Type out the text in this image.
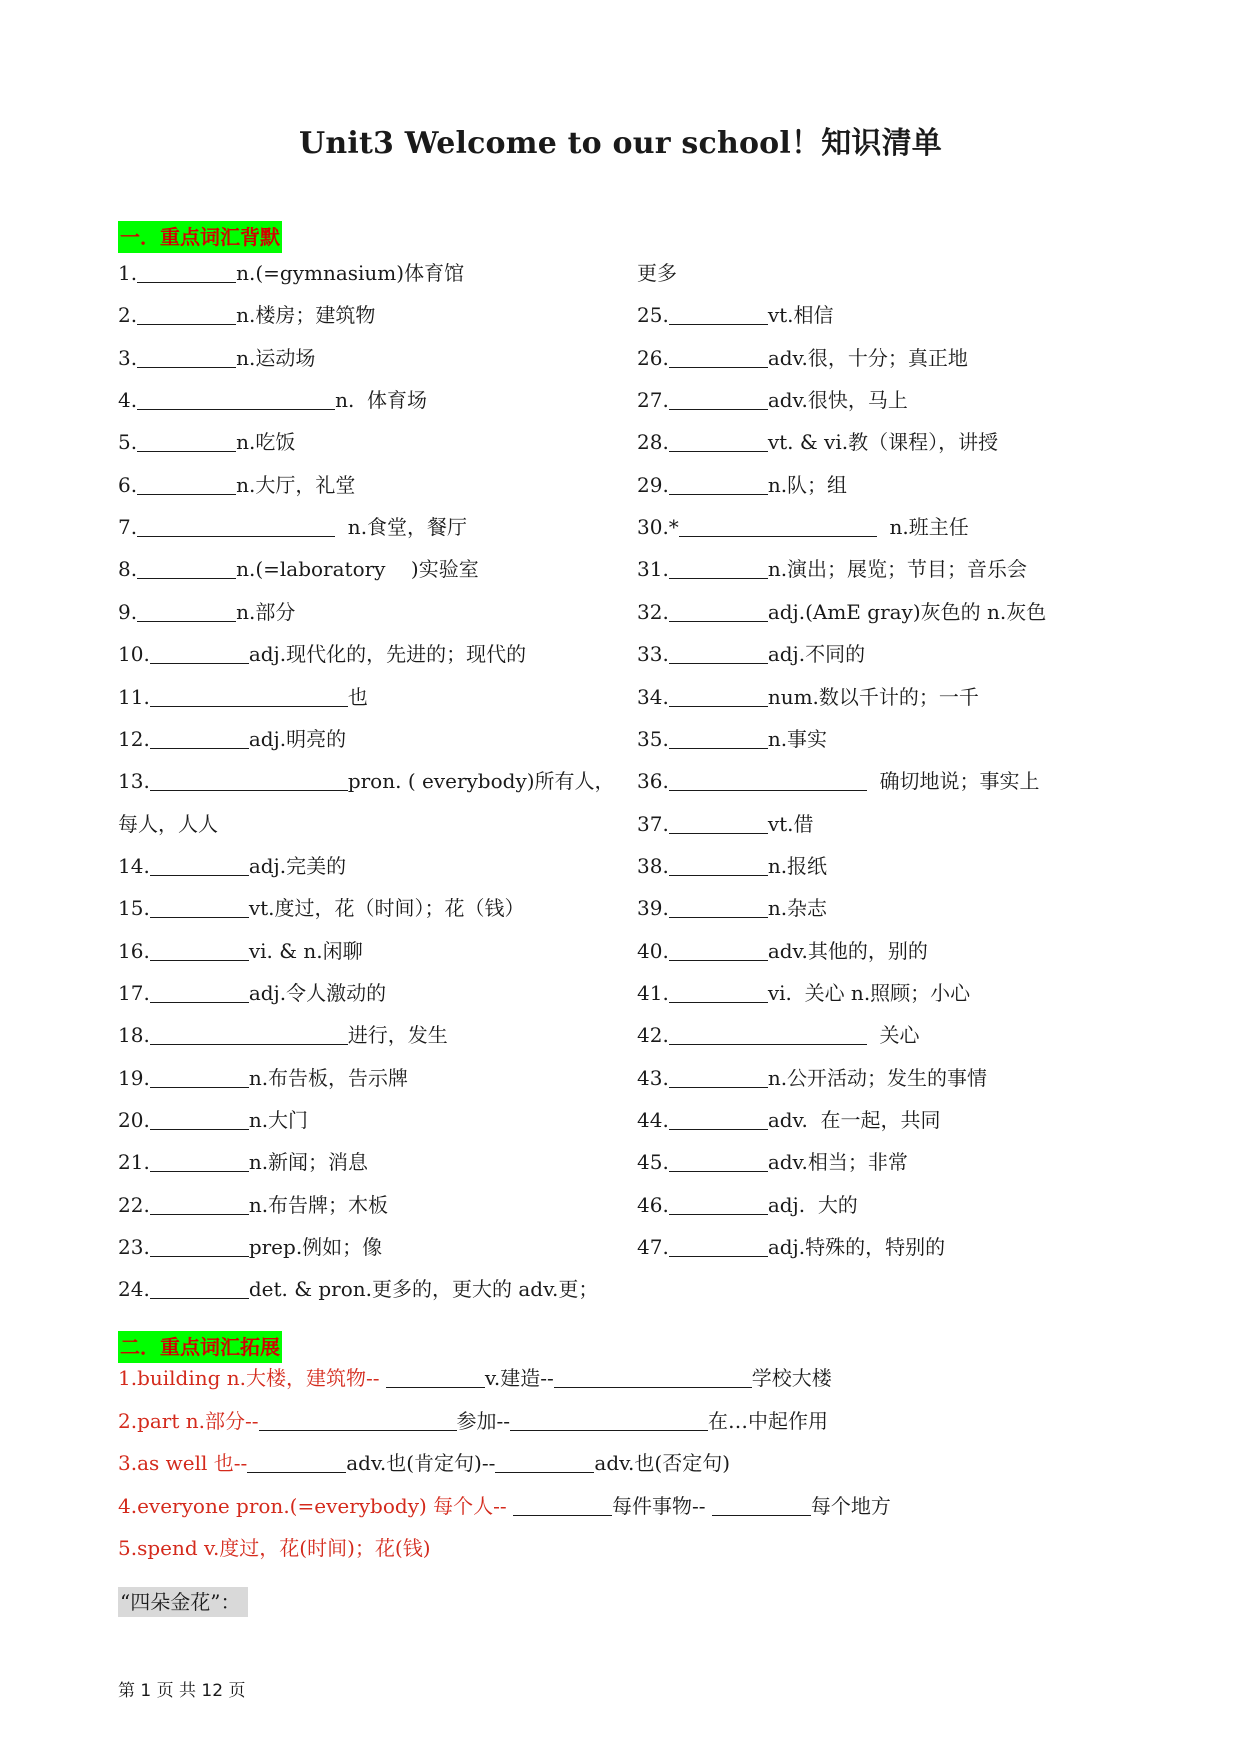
Unit3 Welcome to our school！知识清单
一．重点词汇背默
1.	n.(=gymnasium)体育馆
2.	n.楼房；建筑物
3.	n.运动场
4.	n.  体育场
5.	n.吃饭
6.	n.大厅，礼堂
7.	n.食堂，餐厅
8.	n.(=laboratory    )实验室
9.	n.部分
10.	adj.现代化的，先进的；现代的
11.	也
12.	adj.明亮的
13.	pron. ( everybody)所有人，
每人，人人
14.	adj.完美的
15.	vt.度过，花（时间）；花（钱）
16.	vi. & n.闲聊
17.	adj.令人激动的
18.	进行，发生
19.	n.布告板，告示牌
20.	n.大门
21.	n.新闻；消息
22.	n.布告牌；木板
23.	prep.例如；像
24.	det. & pron.更多的，更大的 adv.更；
更多
25.	vt.相信
26.	adv.很，十分；真正地
27.	adv.很快，马上
28.	vt. & vi.教（课程），讲授
29.	n.队；组
30.*	n.班主任
31.	n.演出；展览；节目；音乐会
32.	adj.(AmE gray)灰色的 n.灰色
33.	adj.不同的
34.	num.数以千计的；一千
35.	n.事实
36.	确切地说；事实上
37.	vt.借
38.	n.报纸
39.	n.杂志
40.	adv.其他的，别的
41.	vi.  关心 n.照顾；小心
42.	关心
43.	n.公开活动；发生的事情
44.	adv.  在一起，共同
45.	adv.相当；非常
46.	adj.  大的
47.	adj.特殊的，特别的
二．重点词汇拓展
1.building n.大楼，建筑物--	v.建造--	学校大楼
2.part n.部分--	参加--	在…中起作用
3.as well 也--	adv.也(肯定句)--	adv.也(否定句)
4.everyone pron.(=everybody) 每个人--	每件事物--	每个地方
5.spend v.度过，花(时间)；花(钱)
“四朵金花”：
第 1 页 共 12 页
